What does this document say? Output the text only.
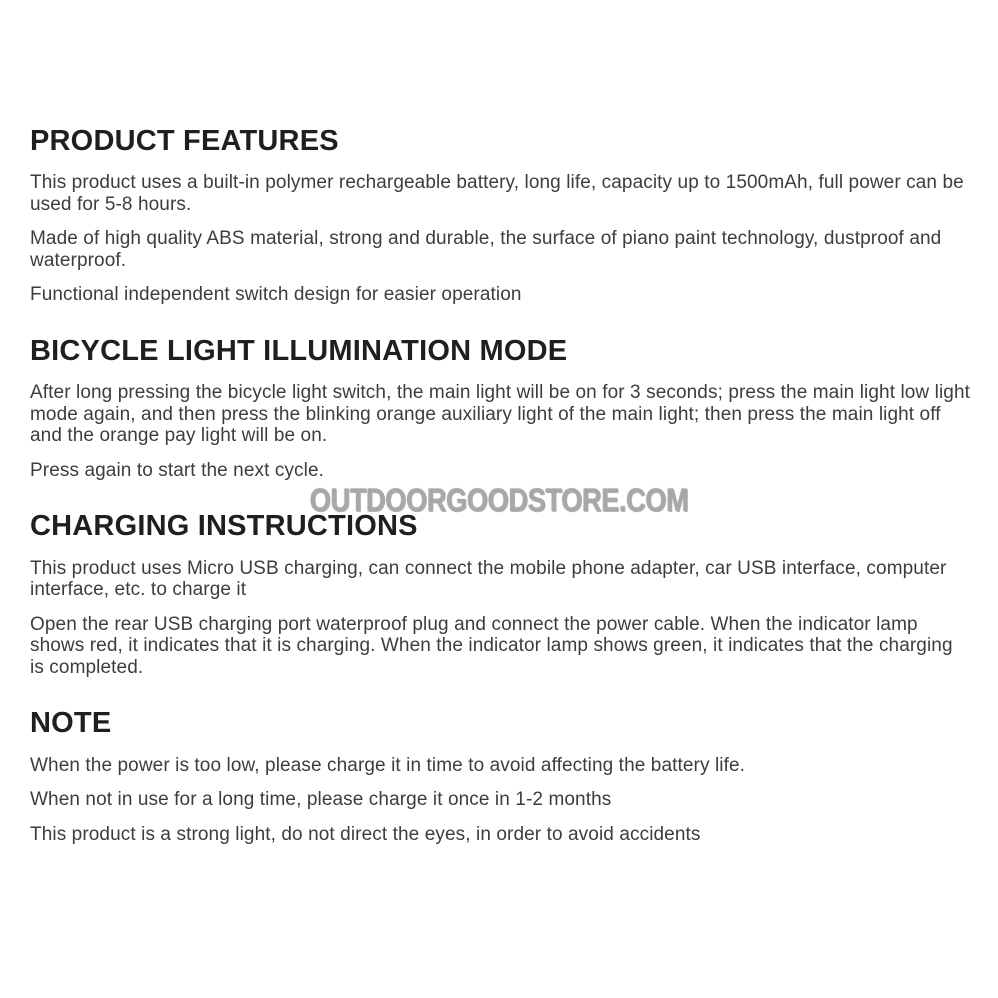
PRODUCT FEATURES

This product uses a built-in polymer rechargeable battery, long life, capacity up to 1500mAh, full power can be used for 5-8 hours.

Made of high quality ABS material, strong and durable, the surface of piano paint technology, dustproof and waterproof.

Functional independent switch design for easier operation

BICYCLE LIGHT ILLUMINATION MODE

After long pressing the bicycle light switch, the main light will be on for 3 seconds; press the main light low light mode again, and then press the blinking orange auxiliary light of the main light; then press the main light off and the orange pay light will be on.

Press again to start the next cycle.

CHARGING INSTRUCTIONS

This product uses Micro USB charging, can connect the mobile phone adapter, car USB interface, computer interface, etc. to charge it

Open the rear USB charging port waterproof plug and connect the power cable. When the indicator lamp shows red, it indicates that it is charging. When the indicator lamp shows green, it indicates that the charging is completed.

NOTE

When the power is too low, please charge it in time to avoid affecting the battery life.

When not in use for a long time, please charge it once in 1-2 months

This product is a strong light, do not direct the eyes, in order to avoid accidents

OUTDOORGOODSTORE.COM
